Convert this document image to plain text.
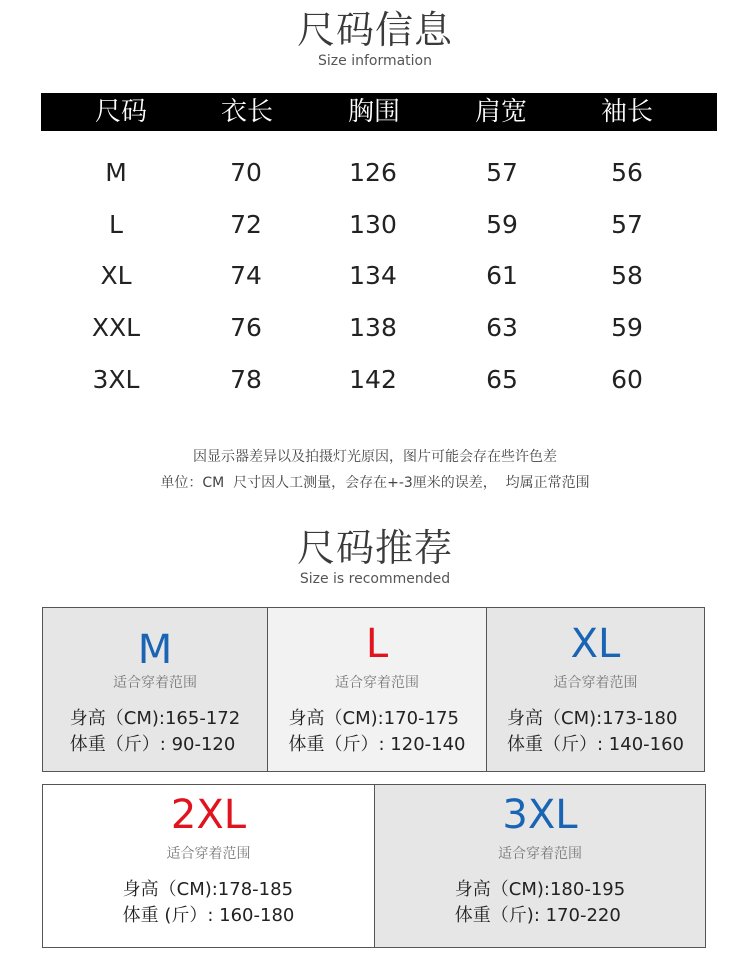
尺码信息
Size information
尺码	衣长	胸围	肩宽	袖长
M	70	126	57	56
L	72	130	59	57
XL	74	134	61	58
XXL	76	138	63	59
3XL	78	142	65	60
因显示器差异以及拍摄灯光原因，图片可能会存在些许色差
单位：CM  尺寸因人工测量，会存在+-3厘米的误差，  均属正常范围
尺码推荐
Size is recommended
M
适合穿着范围
身高（CM):165-172
体重（斤）: 90-120
L
适合穿着范围
身高（CM):170-175
体重（斤）: 120-140
XL
适合穿着范围
身高（CM):173-180
体重（斤）: 140-160
2XL
适合穿着范围
身高（CM):178-185
体重 (斤）: 160-180
3XL
适合穿着范围
身高（CM):180-195
体重（斤): 170-220
